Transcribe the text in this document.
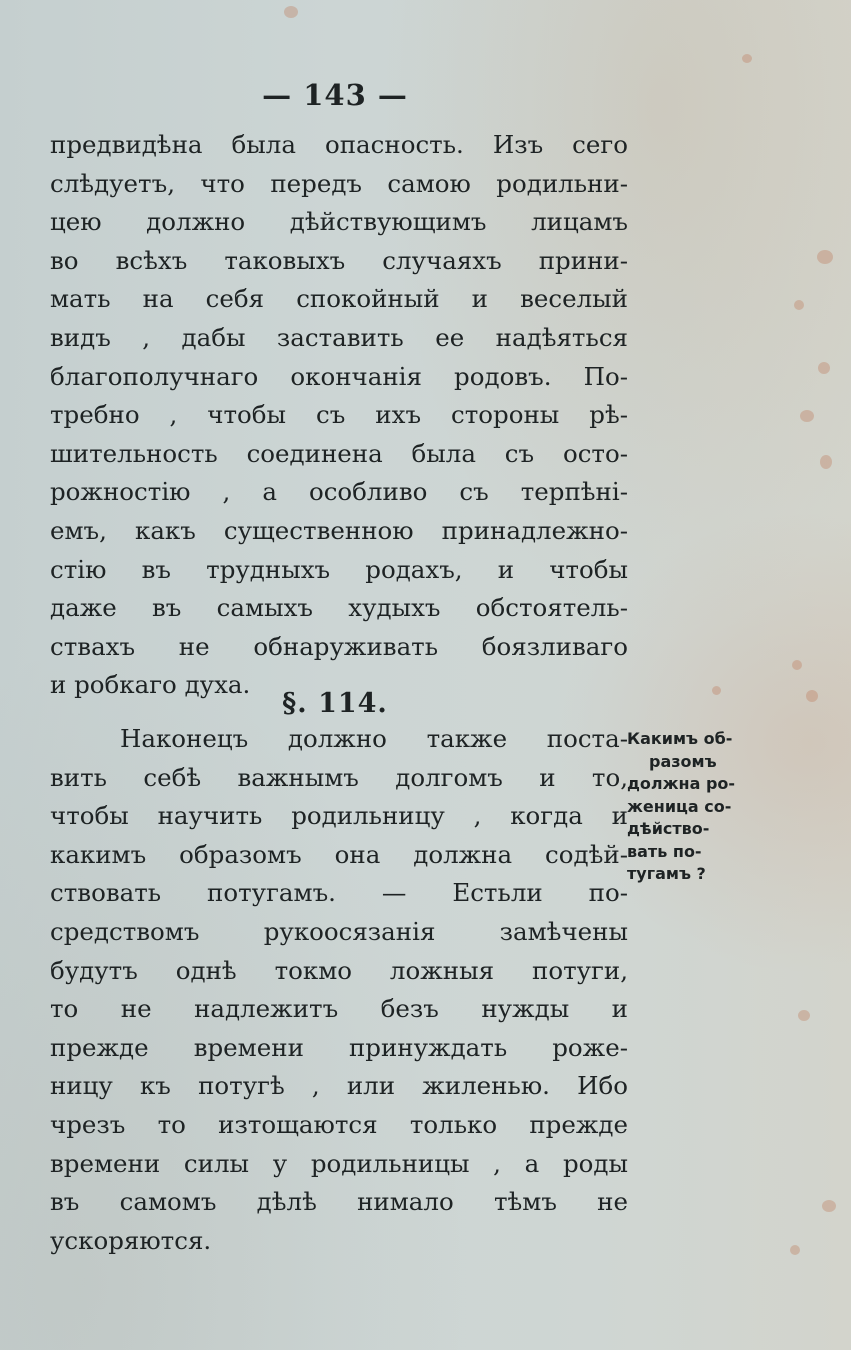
— 143 —
предвидѣна была опасность. Изъ сего
слѣдуетъ, что передъ самою родильни-
цею должно дѣйствующимъ лицамъ
во всѣхъ таковыхъ случаяхъ прини-
мать на себя спокойный и веселый
видъ , дабы заставить ее надѣяться
благополучнаго окончанія родовъ. По-
требно , чтобы съ ихъ стороны рѣ-
шительность соединена была съ осто-
рожностію , а особливо съ терпѣні-
емъ, какъ существенною принадлежно-
стію въ трудныхъ родахъ, и чтобы
даже въ самыхъ худыхъ обстоятель-
ствахъ не обнаруживать боязливаго
и робкаго духа.
§. 114.
Наконецъ должно также поста-
вить себѣ важнымъ долгомъ и то,
чтобы научить родильницу , когда и
какимъ образомъ она должна содѣй-
ствовать потугамъ. — Естьли по-
средствомъ рукоосязанія замѣчены
будутъ однѣ токмо ложныя потуги,
то не надлежитъ безъ нужды и
прежде времени принуждать роже-
ницу къ потугѣ , или жиленью. Ибо
чрезъ то изтощаются только прежде
времени силы у родильницы , а роды
въ самомъ дѣлѣ нимало тѣмъ не
ускоряются.
Какимъ об-
разомъ
должна ро-
женица со-
дѣйство-
вать по-
тугамъ ?
